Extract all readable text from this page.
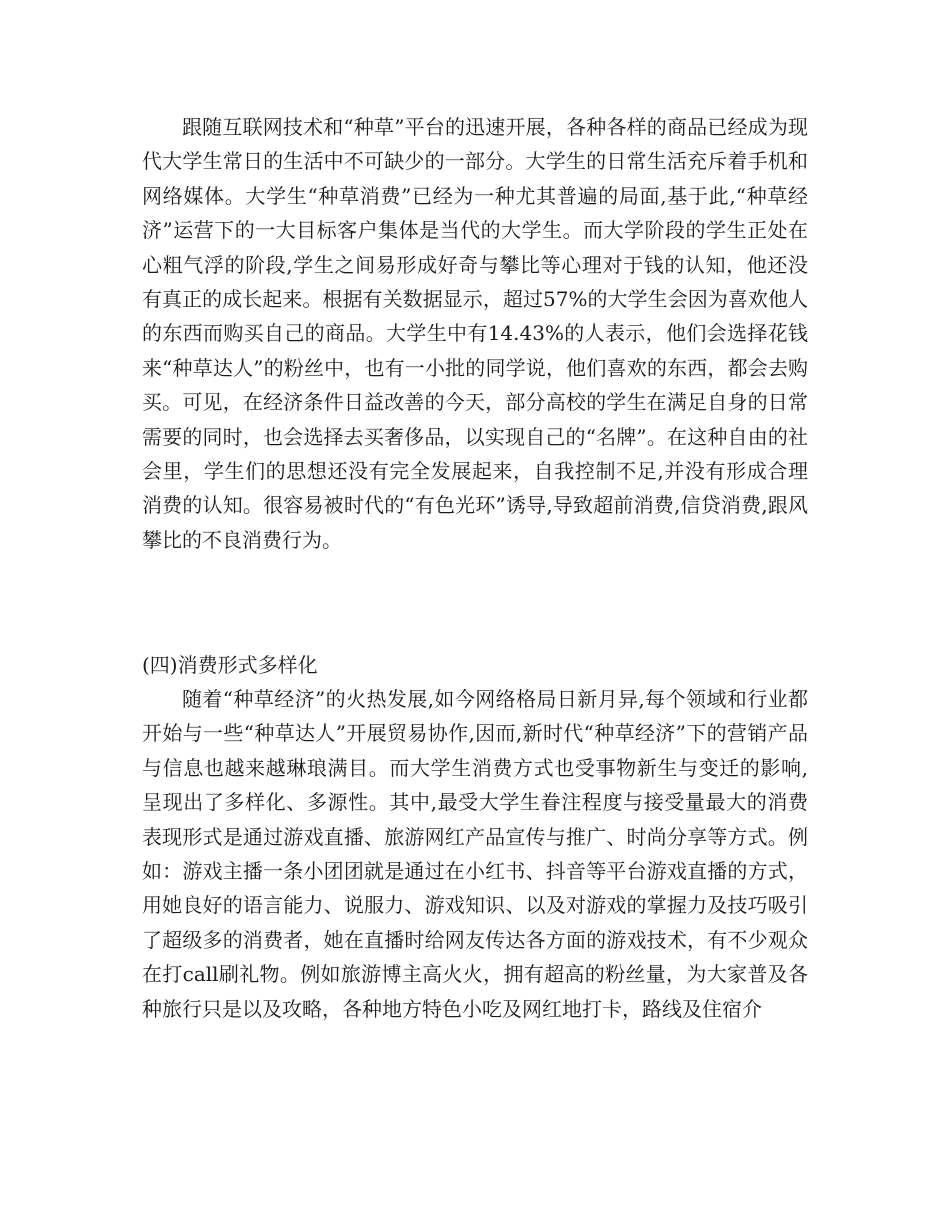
跟随互联网技术和“种草”平台的迅速开展，各种各样的商品已经成为现代大学生常日的生活中不可缺少的一部分。大学生的日常生活充斥着手机和网络媒体。大学生“种草消费”已经为一种尤其普遍的局面,基于此,“种草经济”运营下的一大目标客户集体是当代的大学生。而大学阶段的学生正处在心粗气浮的阶段,学生之间易形成好奇与攀比等心理对于钱的认知，他还没有真正的成长起来。根据有关数据显示，超过57%的大学生会因为喜欢他人的东西而购买自己的商品。大学生中有14.43%的人表示，他们会选择花钱来“种草达人”的粉丝中，也有一小批的同学说，他们喜欢的东西，都会去购买。可见，在经济条件日益改善的今天，部分高校的学生在满足自身的日常需要的同时，也会选择去买奢侈品，以实现自己的“名牌”。在这种自由的社会里，学生们的思想还没有完全发展起来，自我控制不足,并没有形成合理消费的认知。很容易被时代的“有色光环”诱导,导致超前消费,信贷消费,跟风攀比的不良消费行为。

(四)消费形式多样化

随着“种草经济”的火热发展,如今网络格局日新月异,每个领域和行业都开始与一些“种草达人”开展贸易协作,因而,新时代“种草经济”下的营销产品与信息也越来越琳琅满目。而大学生消费方式也受事物新生与变迁的影响,呈现出了多样化、多源性。其中,最受大学生眷注程度与接受量最大的消费表现形式是通过游戏直播、旅游网红产品宣传与推广、时尚分享等方式。例如：游戏主播一条小团团就是通过在小红书、抖音等平台游戏直播的方式，用她良好的语言能力、说服力、游戏知识、以及对游戏的掌握力及技巧吸引了超级多的消费者，她在直播时给网友传达各方面的游戏技术，有不少观众在打call刷礼物。例如旅游博主高火火，拥有超高的粉丝量，为大家普及各种旅行只是以及攻略，各种地方特色小吃及网红地打卡，路线及住宿介
